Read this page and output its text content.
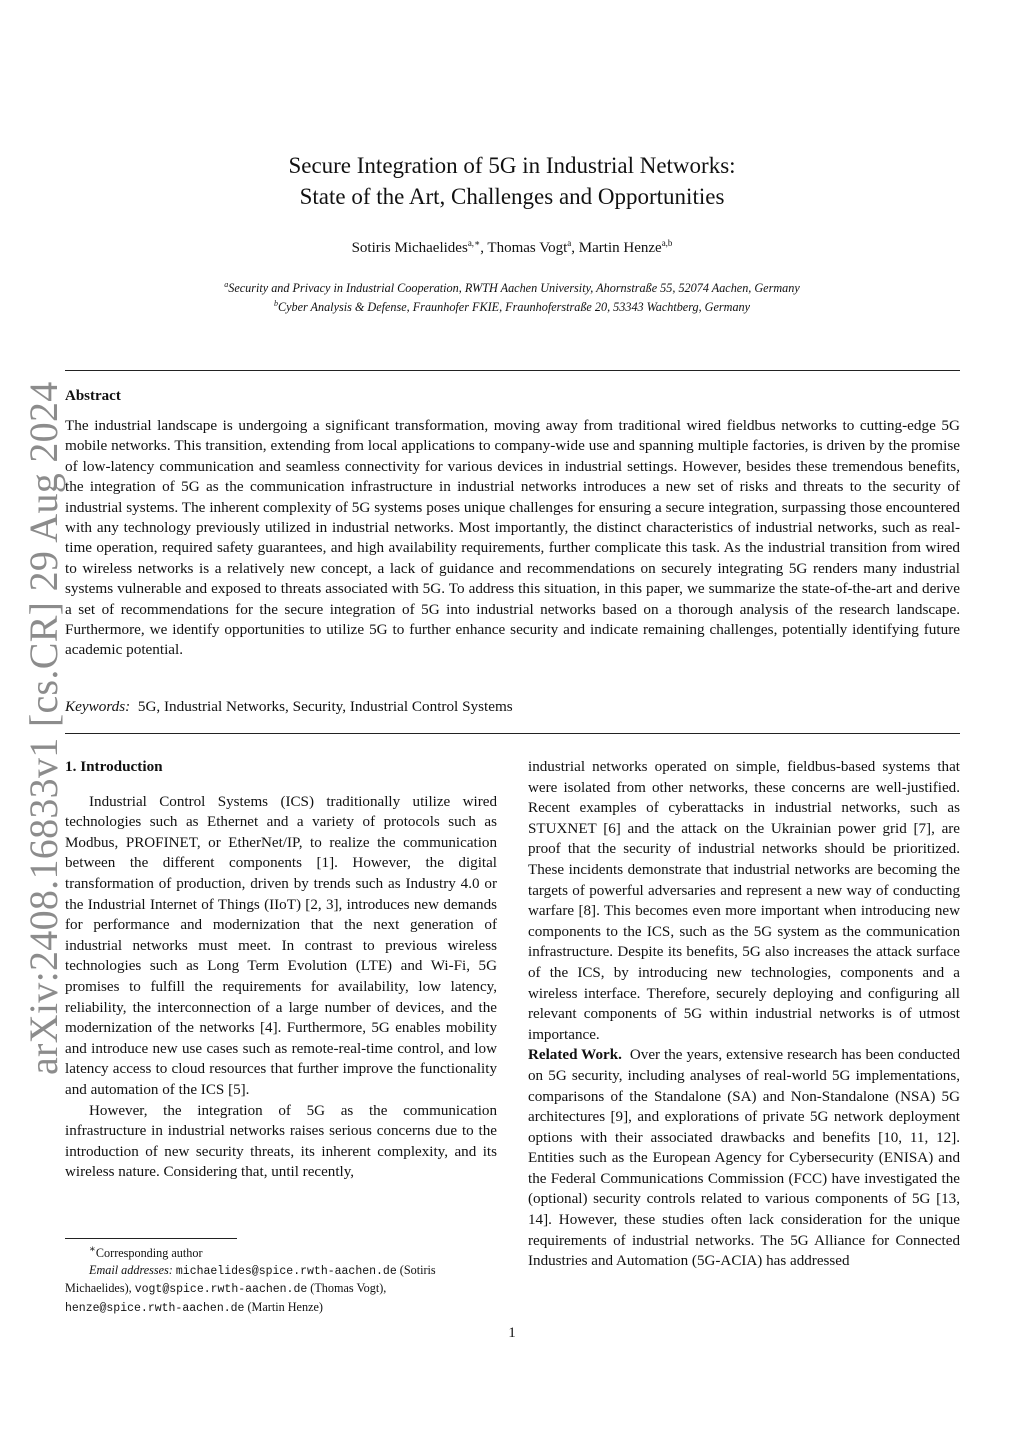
arXiv:2408.16833v1 [cs.CR] 29 Aug 2024
Secure Integration of 5G in Industrial Networks:
State of the Art, Challenges and Opportunities
Sotiris Michaelides$^{a,∗}$, Thomas Vogt$^a$, Martin Henze$^{a,b}$
$^a$Security and Privacy in Industrial Cooperation, RWTH Aachen University, Ahornstraße 55, 52074 Aachen, Germany
$^b$Cyber Analysis & Defense, Fraunhofer FKIE, Fraunhoferstraße 20, 53343 Wachtberg, Germany
Abstract
The industrial landscape is undergoing a significant transformation, moving away from traditional wired fieldbus networks to cutting-edge 5G mobile networks. This transition, extending from local applications to company-wide use and spanning multiple factories, is driven by the promise of low-latency communication and seamless connectivity for various devices in industrial settings. However, besides these tremendous benefits, the integration of 5G as the communication infrastructure in industrial networks introduces a new set of risks and threats to the security of industrial systems. The inherent complexity of 5G systems poses unique challenges for ensuring a secure integration, surpassing those encountered with any technology previously utilized in industrial networks. Most importantly, the distinct characteristics of industrial networks, such as real-time operation, required safety guarantees, and high availability requirements, further complicate this task. As the industrial transition from wired to wireless networks is a relatively new concept, a lack of guidance and recommendations on securely integrating 5G renders many industrial systems vulnerable and exposed to threats associated with 5G. To address this situation, in this paper, we summarize the state-of-the-art and derive a set of recommendations for the secure integration of 5G into industrial networks based on a thorough analysis of the research landscape. Furthermore, we identify opportunities to utilize 5G to further enhance security and indicate remaining challenges, potentially identifying future academic potential.
Keywords: 5G, Industrial Networks, Security, Industrial Control Systems
1. Introduction

Industrial Control Systems (ICS) traditionally utilize wired technologies such as Ethernet and a variety of protocols such as Modbus, PROFINET, or EtherNet/IP, to realize the communication between the different components [1]. However, the digital transformation of production, driven by trends such as Industry 4.0 or the Industrial Internet of Things (IIoT) [2, 3], introduces new demands for performance and modernization that the next generation of industrial networks must meet. In contrast to previous wireless technologies such as Long Term Evolution (LTE) and Wi-Fi, 5G promises to fulfill the requirements for availability, low latency, reliability, the interconnection of a large number of devices, and the modernization of the networks [4]. Furthermore, 5G enables mobility and introduce new use cases such as remote-real-time control, and low latency access to cloud resources that further improve the functionality and automation of the ICS [5].

However, the integration of 5G as the communication infrastructure in industrial networks raises serious concerns due to the introduction of new security threats, its inherent complexity, and its wireless nature. Considering that, until recently,

industrial networks operated on simple, fieldbus-based systems that were isolated from other networks, these concerns are well-justified. Recent examples of cyberattacks in industrial networks, such as STUXNET [6] and the attack on the Ukrainian power grid [7], are proof that the security of industrial networks should be prioritized. These incidents demonstrate that industrial networks are becoming the targets of powerful adversaries and represent a new way of conducting warfare [8]. This becomes even more important when introducing new components to the ICS, such as the 5G system as the communication infrastructure. Despite its benefits, 5G also increases the attack surface of the ICS, by introducing new technologies, components and a wireless interface. Therefore, securely deploying and configuring all relevant components of 5G within industrial networks is of utmost importance.

Related Work. Over the years, extensive research has been conducted on 5G security, including analyses of real-world 5G implementations, comparisons of the Standalone (SA) and Non-Standalone (NSA) 5G architectures [9], and explorations of private 5G network deployment options with their associated drawbacks and benefits [10, 11, 12]. Entities such as the European Agency for Cybersecurity (ENISA) and the Federal Communications Commission (FCC) have investigated the (optional) security controls related to various components of 5G [13, 14]. However, these studies often lack consideration for the unique requirements of industrial networks. The 5G Alliance for Connected Industries and Automation (5G-ACIA) has addressed

∗Corresponding author
Email addresses: michaelides@spice.rwth-aachen.de (Sotiris Michaelides), vogt@spice.rwth-aachen.de (Thomas Vogt), henze@spice.rwth-aachen.de (Martin Henze)
1
